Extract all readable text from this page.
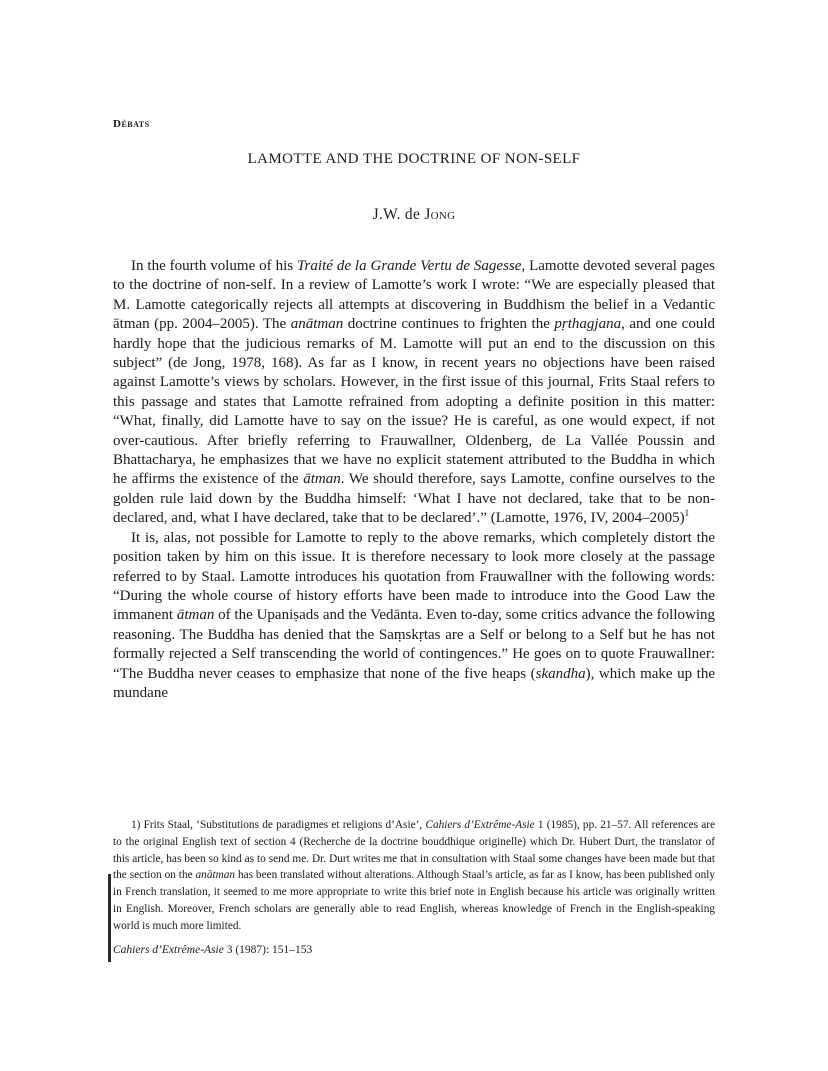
Débats
LAMOTTE AND THE DOCTRINE OF NON-SELF
J.W. de Jong

In the fourth volume of his Traité de la Grande Vertu de Sagesse, Lamotte devoted several pages to the doctrine of non-self. In a review of Lamotte’s work I wrote: “We are especially pleased that M. Lamotte categorically rejects all attempts at discovering in Buddhism the belief in a Vedantic ātman (pp. 2004–2005). The anātman doctrine continues to frighten the pṛthagjana, and one could hardly hope that the judicious remarks of M. Lamotte will put an end to the discussion on this subject” (de Jong, 1978, 168). As far as I know, in recent years no objections have been raised against Lamotte’s views by scholars. However, in the first issue of this journal, Frits Staal refers to this passage and states that Lamotte refrained from adopting a definite position in this matter: “What, finally, did Lamotte have to say on the issue? He is careful, as one would expect, if not over-cautious. After briefly referring to Frauwallner, Oldenberg, de La Vallée Poussin and Bhattacharya, he emphasizes that we have no explicit statement attributed to the Buddha in which he affirms the existence of the ātman. We should therefore, says Lamotte, confine ourselves to the golden rule laid down by the Buddha himself: ‘What I have not declared, take that to be non-declared, and, what I have declared, take that to be declared’.” (Lamotte, 1976, IV, 2004–2005)$^1$

It is, alas, not possible for Lamotte to reply to the above remarks, which completely distort the position taken by him on this issue. It is therefore necessary to look more closely at the passage referred to by Staal. Lamotte introduces his quotation from Frauwallner with the following words: “During the whole course of history efforts have been made to introduce into the Good Law the immanent ātman of the Upaniṣads and the Vedānta. Even to-day, some critics advance the following reasoning. The Buddha has denied that the Saṃskṛtas are a Self or belong to a Self but he has not formally rejected a Self transcending the world of contingences.” He goes on to quote Frauwallner: “The Buddha never ceases to emphasize that none of the five heaps (skandha), which make up the mundane

1) Frits Staal, ‘Substitutions de paradigmes et religions d’Asie’, Cahiers d’Extrême-Asie 1 (1985), pp. 21–57. All references are to the original English text of section 4 (Recherche de la doctrine bouddhique originelle) which Dr. Hubert Durt, the translator of this article, has been so kind as to send me. Dr. Durt writes me that in consultation with Staal some changes have been made but that the section on the anātman has been translated without alterations. Although Staal’s article, as far as I know, has been published only in French translation, it seemed to me more appropriate to write this brief note in English because his article was originally written in English. Moreover, French scholars are generally able to read English, whereas knowledge of French in the English-speaking world is much more limited.

Cahiers d’Extrême-Asie 3 (1987): 151–153
